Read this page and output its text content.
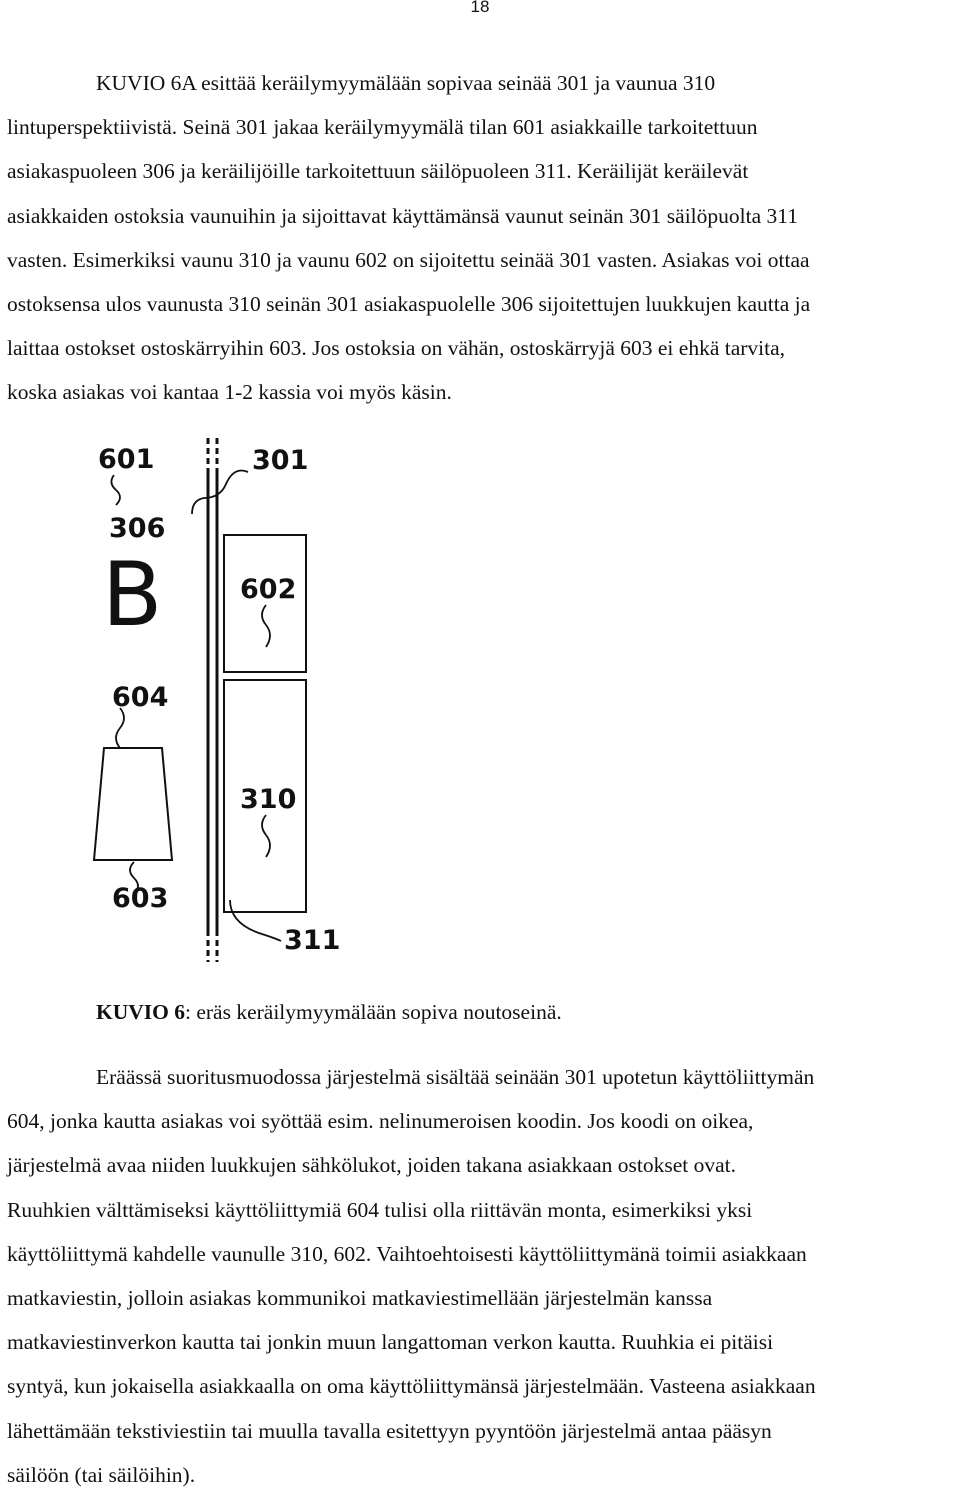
18
KUVIO 6A esittää keräilymyymälään sopivaa seinää 301 ja vaunua 310
lintuperspektiivistä. Seinä 301 jakaa keräilymyymälä tilan 601 asiakkaille tarkoitettuun
asiakaspuoleen 306 ja keräilijöille tarkoitettuun säilöpuoleen 311. Keräilijät keräilevät
asiakkaiden ostoksia vaunuihin ja sijoittavat käyttämänsä vaunut seinän 301 säilöpuolta 311
vasten. Esimerkiksi vaunu 310 ja vaunu 602 on sijoitettu seinää 301 vasten. Asiakas voi ottaa
ostoksensa ulos vaunusta 310 seinän 301 asiakaspuolelle 306 sijoitettujen luukkujen kautta ja
laittaa ostokset ostoskärryihin 603. Jos ostoksia on vähän, ostoskärryjä 603 ei ehkä tarvita,
koska asiakas voi kantaa 1-2 kassia voi myös käsin.
601
306
B
604
603
301
602
310
311

KUVIO 6: eräs keräilymyymälään sopiva noutoseinä.

Eräässä suoritusmuodossa järjestelmä sisältää seinään 301 upotetun käyttöliittymän
604, jonka kautta asiakas voi syöttää esim. nelinumeroisen koodin. Jos koodi on oikea,
järjestelmä avaa niiden luukkujen sähkölukot, joiden takana asiakkaan ostokset ovat.
Ruuhkien välttämiseksi käyttöliittymiä 604 tulisi olla riittävän monta, esimerkiksi yksi
käyttöliittymä kahdelle vaunulle 310, 602. Vaihtoehtoisesti käyttöliittymänä toimii asiakkaan
matkaviestin, jolloin asiakas kommunikoi matkaviestimellään järjestelmän kanssa
matkaviestinverkon kautta tai jonkin muun langattoman verkon kautta. Ruuhkia ei pitäisi
syntyä, kun jokaisella asiakkaalla on oma käyttöliittymänsä järjestelmään. Vasteena asiakkaan
lähettämään tekstiviestiin tai muulla tavalla esitettyyn pyyntöön järjestelmä antaa pääsyn
säilöön (tai säilöihin).
